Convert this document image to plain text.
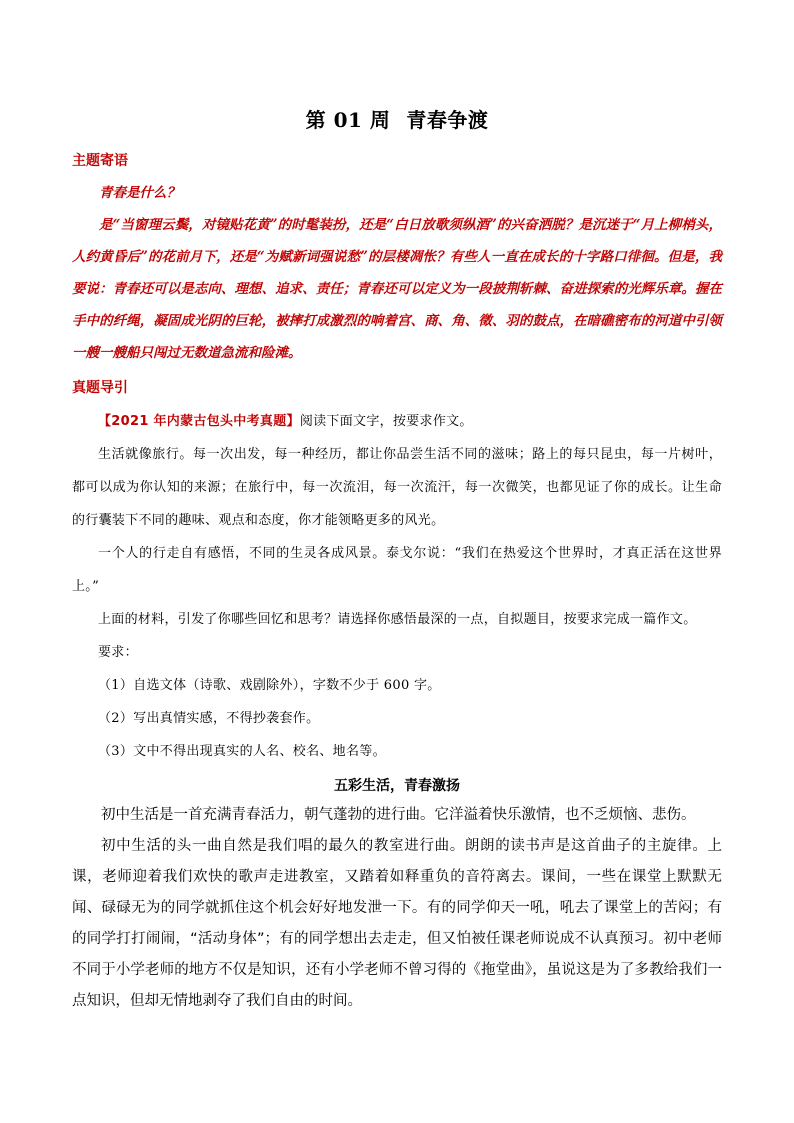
第 01 周 青春争渡
主题寄语

青春是什么？

是“当窗理云鬓，对镜贴花黄”的时髦装扮，还是“白日放歌须纵酒”的兴奋洒脱？是沉迷于“月上柳梢头，人约黄昏后”的花前月下，还是“为赋新词强说愁”的层楼凋怅？有些人一直在成长的十字路口徘徊。但是，我要说：青春还可以是志向、理想、追求、责任；青春还可以定义为一段披荆斩棘、奋进探索的光辉乐章。握在手中的纤绳，凝固成光阴的巨轮，被摔打成激烈的响着宫、商、角、徵、羽的鼓点，在暗礁密布的河道中引领一艘一艘船只闯过无数道急流和险滩。

真题导引

【2021 年内蒙古包头中考真题】阅读下面文字，按要求作文。

生活就像旅行。每一次出发，每一种经历，都让你品尝生活不同的滋味；路上的每只昆虫，每一片树叶，都可以成为你认知的来源；在旅行中，每一次流泪，每一次流汗，每一次微笑，也都见证了你的成长。让生命的行囊装下不同的趣味、观点和态度，你才能领略更多的风光。

一个人的行走自有感悟，不同的生灵各成风景。泰戈尔说：“我们在热爱这个世界时，才真正活在这世界上。”

上面的材料，引发了你哪些回忆和思考？请选择你感悟最深的一点，自拟题目，按要求完成一篇作文。

要求：

（1）自选文体（诗歌、戏剧除外），字数不少于 600 字。

（2）写出真情实感，不得抄袭套作。

（3）文中不得出现真实的人名、校名、地名等。

五彩生活，青春激扬

初中生活是一首充满青春活力，朝气蓬勃的进行曲。它洋溢着快乐激情，也不乏烦恼、悲伤。

初中生活的头一曲自然是我们唱的最久的教室进行曲。朗朗的读书声是这首曲子的主旋律。上课，老师迎着我们欢快的歌声走进教室，又踏着如释重负的音符离去。课间，一些在课堂上默默无闻、碌碌无为的同学就抓住这个机会好好地发泄一下。有的同学仰天一吼，吼去了课堂上的苦闷；有的同学打打闹闹，“活动身体”；有的同学想出去走走，但又怕被任课老师说成不认真预习。初中老师不同于小学老师的地方不仅是知识，还有小学老师不曾习得的《拖堂曲》，虽说这是为了多教给我们一点知识，但却无情地剥夺了我们自由的时间。
